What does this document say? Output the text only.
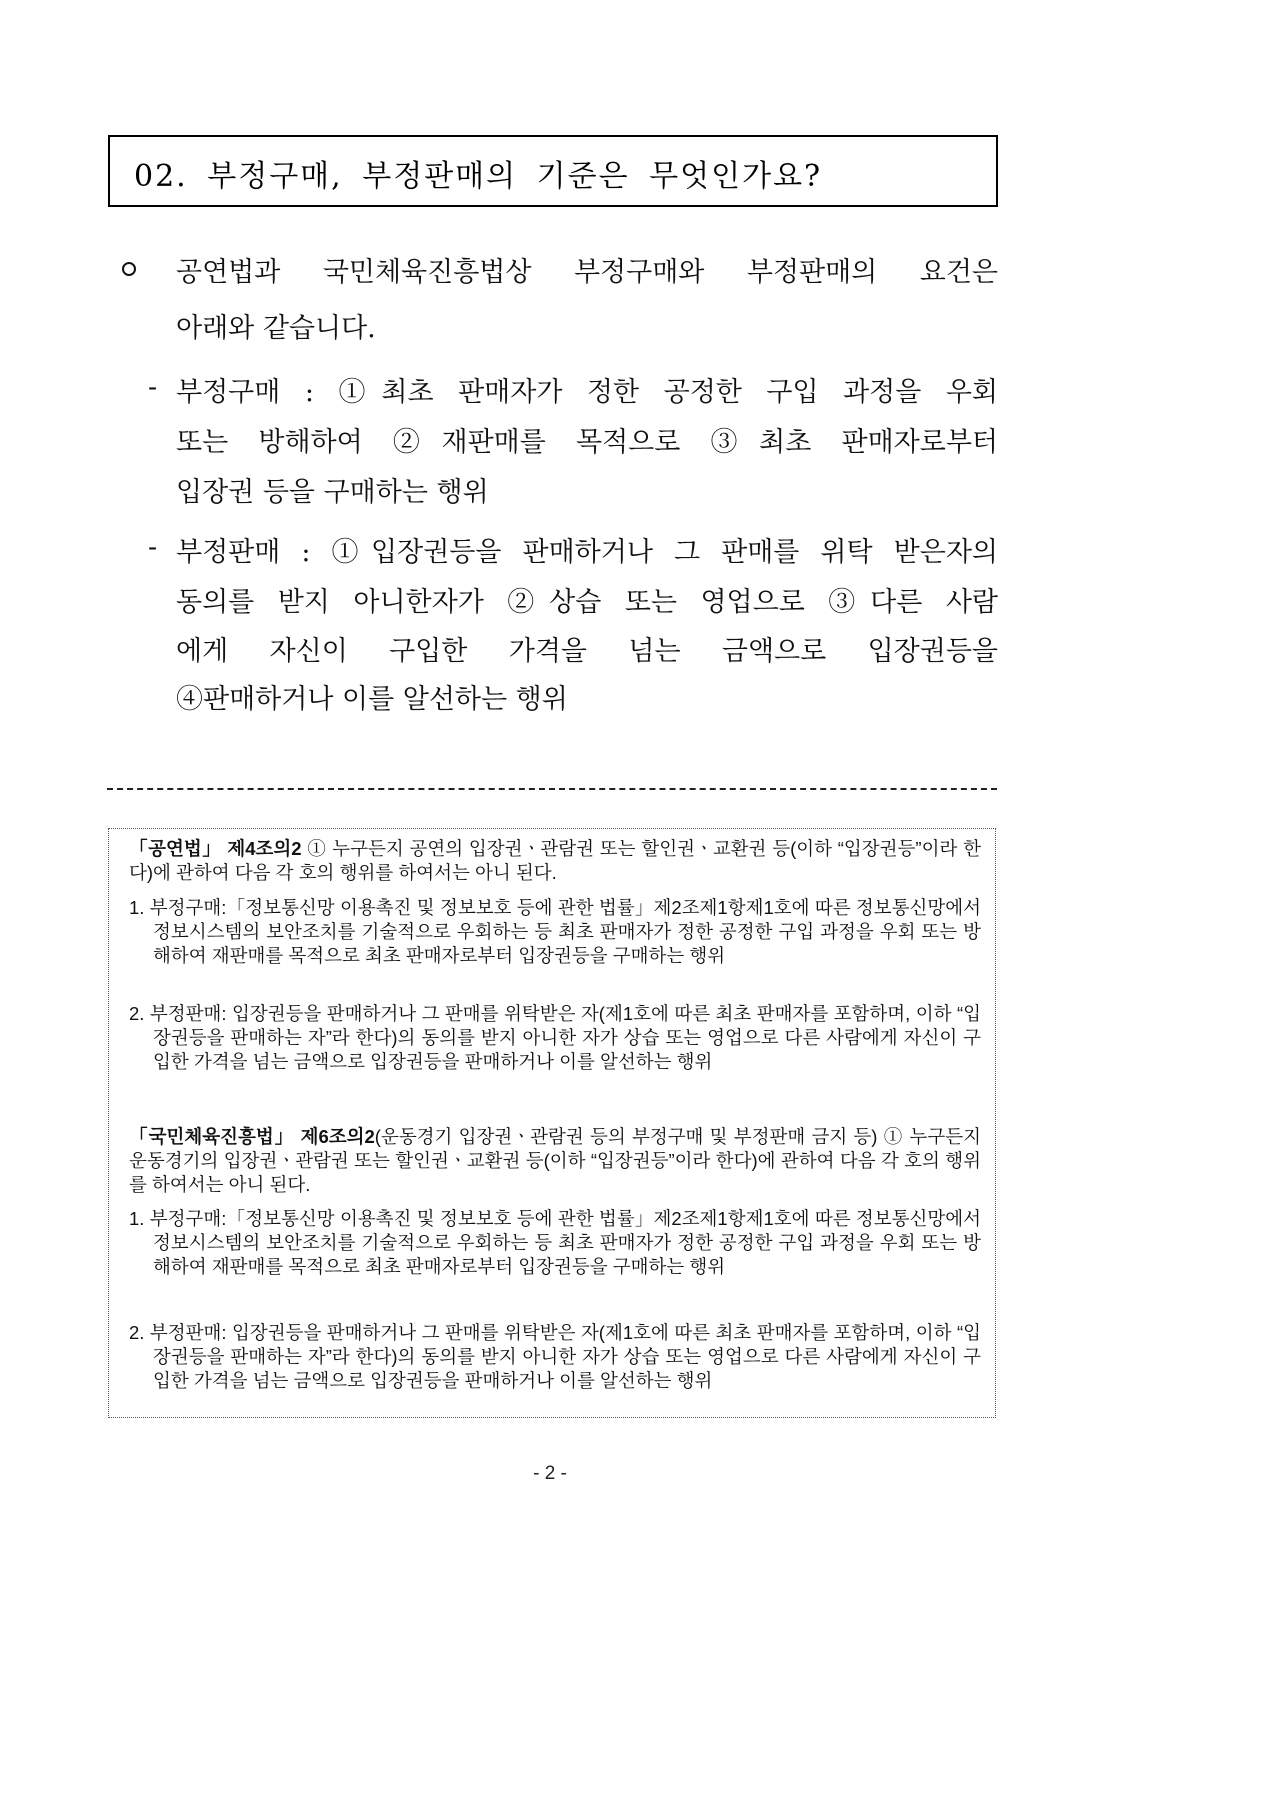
02. 부정구매, 부정판매의 기준은 무엇인가요?
공연법과 국민체육진흥법상 부정구매와 부정판매의 요건은
아래와 같습니다.
- 부정구매 : ①최초 판매자가 정한 공정한 구입 과정을 우회
또는 방해하여 ②재판매를 목적으로 ③최초 판매자로부터
입장권 등을 구매하는 행위
- 부정판매 : ①입장권등을 판매하거나 그 판매를 위탁 받은자의
동의를 받지 아니한자가 ②상습 또는 영업으로 ③다른 사람
에게 자신이 구입한 가격을 넘는 금액으로 입장권등을
④판매하거나 이를 알선하는 행위
「공연법」 제4조의2 ① 누구든지 공연의 입장권ㆍ관람권 또는 할인권ㆍ교환권 등(이하 “입장권등”이라 한다)에 관하여 다음 각 호의 행위를 하여서는 아니 된다.
1. 부정구매:「정보통신망 이용촉진 및 정보보호 등에 관한 법률」제2조제1항제1호에 따른 정보통신망에서 정보시스템의 보안조치를 기술적으로 우회하는 등 최초 판매자가 정한 공정한 구입 과정을 우회 또는 방해하여 재판매를 목적으로 최초 판매자로부터 입장권등을 구매하는 행위
2. 부정판매: 입장권등을 판매하거나 그 판매를 위탁받은 자(제1호에 따른 최초 판매자를 포함하며, 이하 “입장권등을 판매하는 자”라 한다)의 동의를 받지 아니한 자가 상습 또는 영업으로 다른 사람에게 자신이 구입한 가격을 넘는 금액으로 입장권등을 판매하거나 이를 알선하는 행위
「국민체육진흥법」 제6조의2(운동경기 입장권ㆍ관람권 등의 부정구매 및 부정판매 금지 등) ① 누구든지 운동경기의 입장권ㆍ관람권 또는 할인권ㆍ교환권 등(이하 “입장권등”이라 한다)에 관하여 다음 각 호의 행위를 하여서는 아니 된다.
1. 부정구매:「정보통신망 이용촉진 및 정보보호 등에 관한 법률」제2조제1항제1호에 따른 정보통신망에서 정보시스템의 보안조치를 기술적으로 우회하는 등 최초 판매자가 정한 공정한 구입 과정을 우회 또는 방해하여 재판매를 목적으로 최초 판매자로부터 입장권등을 구매하는 행위
2. 부정판매: 입장권등을 판매하거나 그 판매를 위탁받은 자(제1호에 따른 최초 판매자를 포함하며, 이하 “입장권등을 판매하는 자”라 한다)의 동의를 받지 아니한 자가 상습 또는 영업으로 다른 사람에게 자신이 구입한 가격을 넘는 금액으로 입장권등을 판매하거나 이를 알선하는 행위
- 2 -
